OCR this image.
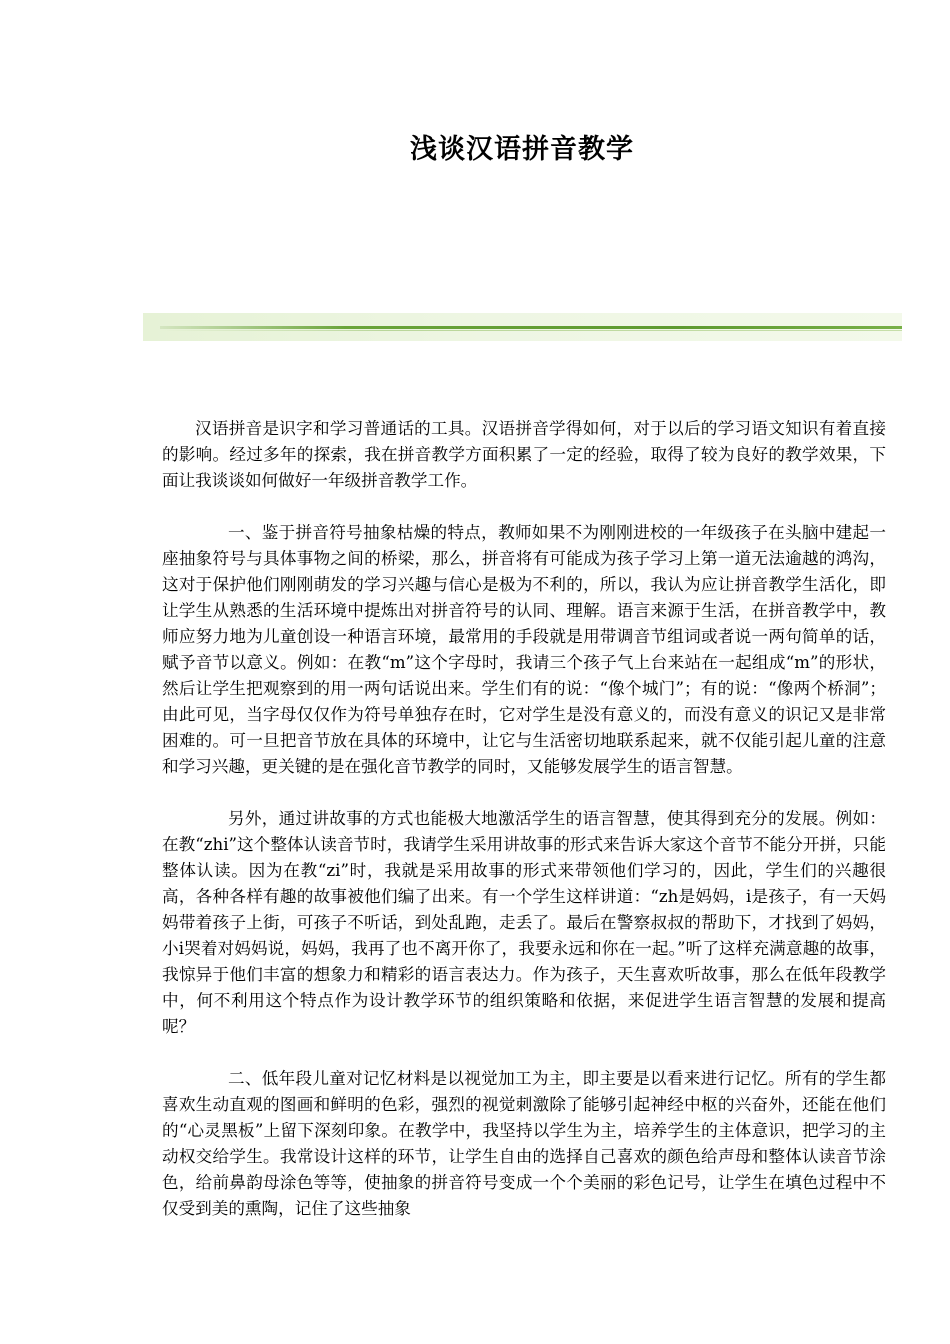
浅谈汉语拼音教学

汉语拼音是识字和学习普通话的工具。汉语拼音学得如何，对于以后的学习语文知识有着直接的影响。经过多年的探索，我在拼音教学方面积累了一定的经验，取得了较为良好的教学效果，下面让我谈谈如何做好一年级拼音教学工作。

一、鉴于拼音符号抽象枯燥的特点，教师如果不为刚刚进校的一年级孩子在头脑中建起一座抽象符号与具体事物之间的桥梁，那么，拼音将有可能成为孩子学习上第一道无法逾越的鸿沟，这对于保护他们刚刚萌发的学习兴趣与信心是极为不利的，所以，我认为应让拼音教学生活化，即让学生从熟悉的生活环境中提炼出对拼音符号的认同、理解。语言来源于生活，在拼音教学中，教师应努力地为儿童创设一种语言环境，最常用的手段就是用带调音节组词或者说一两句简单的话，赋予音节以意义。例如：在教“m”这个字母时，我请三个孩子气上台来站在一起组成“m”的形状，然后让学生把观察到的用一两句话说出来。学生们有的说：“像个城门”；有的说：“像两个桥洞”；由此可见，当字母仅仅作为符号单独存在时，它对学生是没有意义的，而没有意义的识记又是非常困难的。可一旦把音节放在具体的环境中，让它与生活密切地联系起来，就不仅能引起儿童的注意和学习兴趣，更关键的是在强化音节教学的同时，又能够发展学生的语言智慧。

另外，通过讲故事的方式也能极大地激活学生的语言智慧，使其得到充分的发展。例如：在教“zhi”这个整体认读音节时，我请学生采用讲故事的形式来告诉大家这个音节不能分开拼，只能整体认读。因为在教“zi”时，我就是采用故事的形式来带领他们学习的，因此，学生们的兴趣很高，各种各样有趣的故事被他们编了出来。有一个学生这样讲道：“zh是妈妈，i是孩子，有一天妈妈带着孩子上街，可孩子不听话，到处乱跑，走丢了。最后在警察叔叔的帮助下，才找到了妈妈，小i哭着对妈妈说，妈妈，我再了也不离开你了，我要永远和你在一起。”听了这样充满意趣的故事，我惊异于他们丰富的想象力和精彩的语言表达力。作为孩子，天生喜欢听故事，那么在低年段教学中，何不利用这个特点作为设计教学环节的组织策略和依据，来促进学生语言智慧的发展和提高呢？

二、低年段儿童对记忆材料是以视觉加工为主，即主要是以看来进行记忆。所有的学生都喜欢生动直观的图画和鲜明的色彩，强烈的视觉刺激除了能够引起神经中枢的兴奋外，还能在他们的“心灵黑板”上留下深刻印象。在教学中，我坚持以学生为主，培养学生的主体意识，把学习的主动权交给学生。我常设计这样的环节，让学生自由的选择自己喜欢的颜色给声母和整体认读音节涂色，给前鼻韵母涂色等等，使抽象的拼音符号变成一个个美丽的彩色记号，让学生在填色过程中不仅受到美的熏陶，记住了这些抽象
